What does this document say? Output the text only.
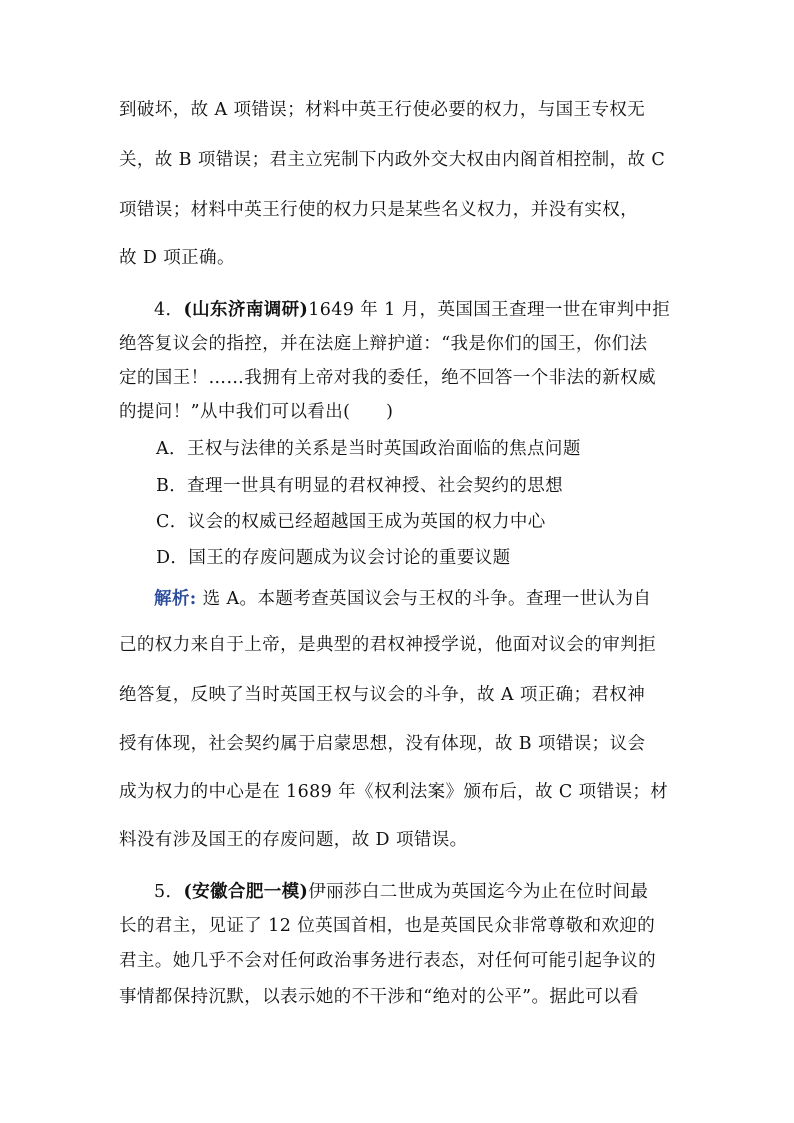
到破坏，故 A 项错误；材料中英王行使必要的权力，与国王专权无

关，故 B 项错误；君主立宪制下内政外交大权由内阁首相控制，故 C

项错误；材料中英王行使的权力只是某些名义权力，并没有实权，

故 D 项正确。

4．(山东济南调研)1649 年 1 月，英国国王查理一世在审判中拒

绝答复议会的指控，并在法庭上辩护道：“我是你们的国王，你们法

定的国王！……我拥有上帝对我的委任，绝不回答一个非法的新权威

的提问！”从中我们可以看出(　　)

A．王权与法律的关系是当时英国政治面临的焦点问题

B．查理一世具有明显的君权神授、社会契约的思想

C．议会的权威已经超越国王成为英国的权力中心

D．国王的存废问题成为议会讨论的重要议题

解析: 选 A。本题考查英国议会与王权的斗争。查理一世认为自

己的权力来自于上帝，是典型的君权神授学说，他面对议会的审判拒

绝答复，反映了当时英国王权与议会的斗争，故 A 项正确；君权神

授有体现，社会契约属于启蒙思想，没有体现，故 B 项错误；议会

成为权力的中心是在 1689 年《权利法案》颁布后，故 C 项错误；材

料没有涉及国王的存废问题，故 D 项错误。

5．(安徽合肥一模)伊丽莎白二世成为英国迄今为止在位时间最

长的君主，见证了 12 位英国首相，也是英国民众非常尊敬和欢迎的

君主。她几乎不会对任何政治事务进行表态，对任何可能引起争议的

事情都保持沉默，以表示她的不干涉和“绝对的公平”。据此可以看
